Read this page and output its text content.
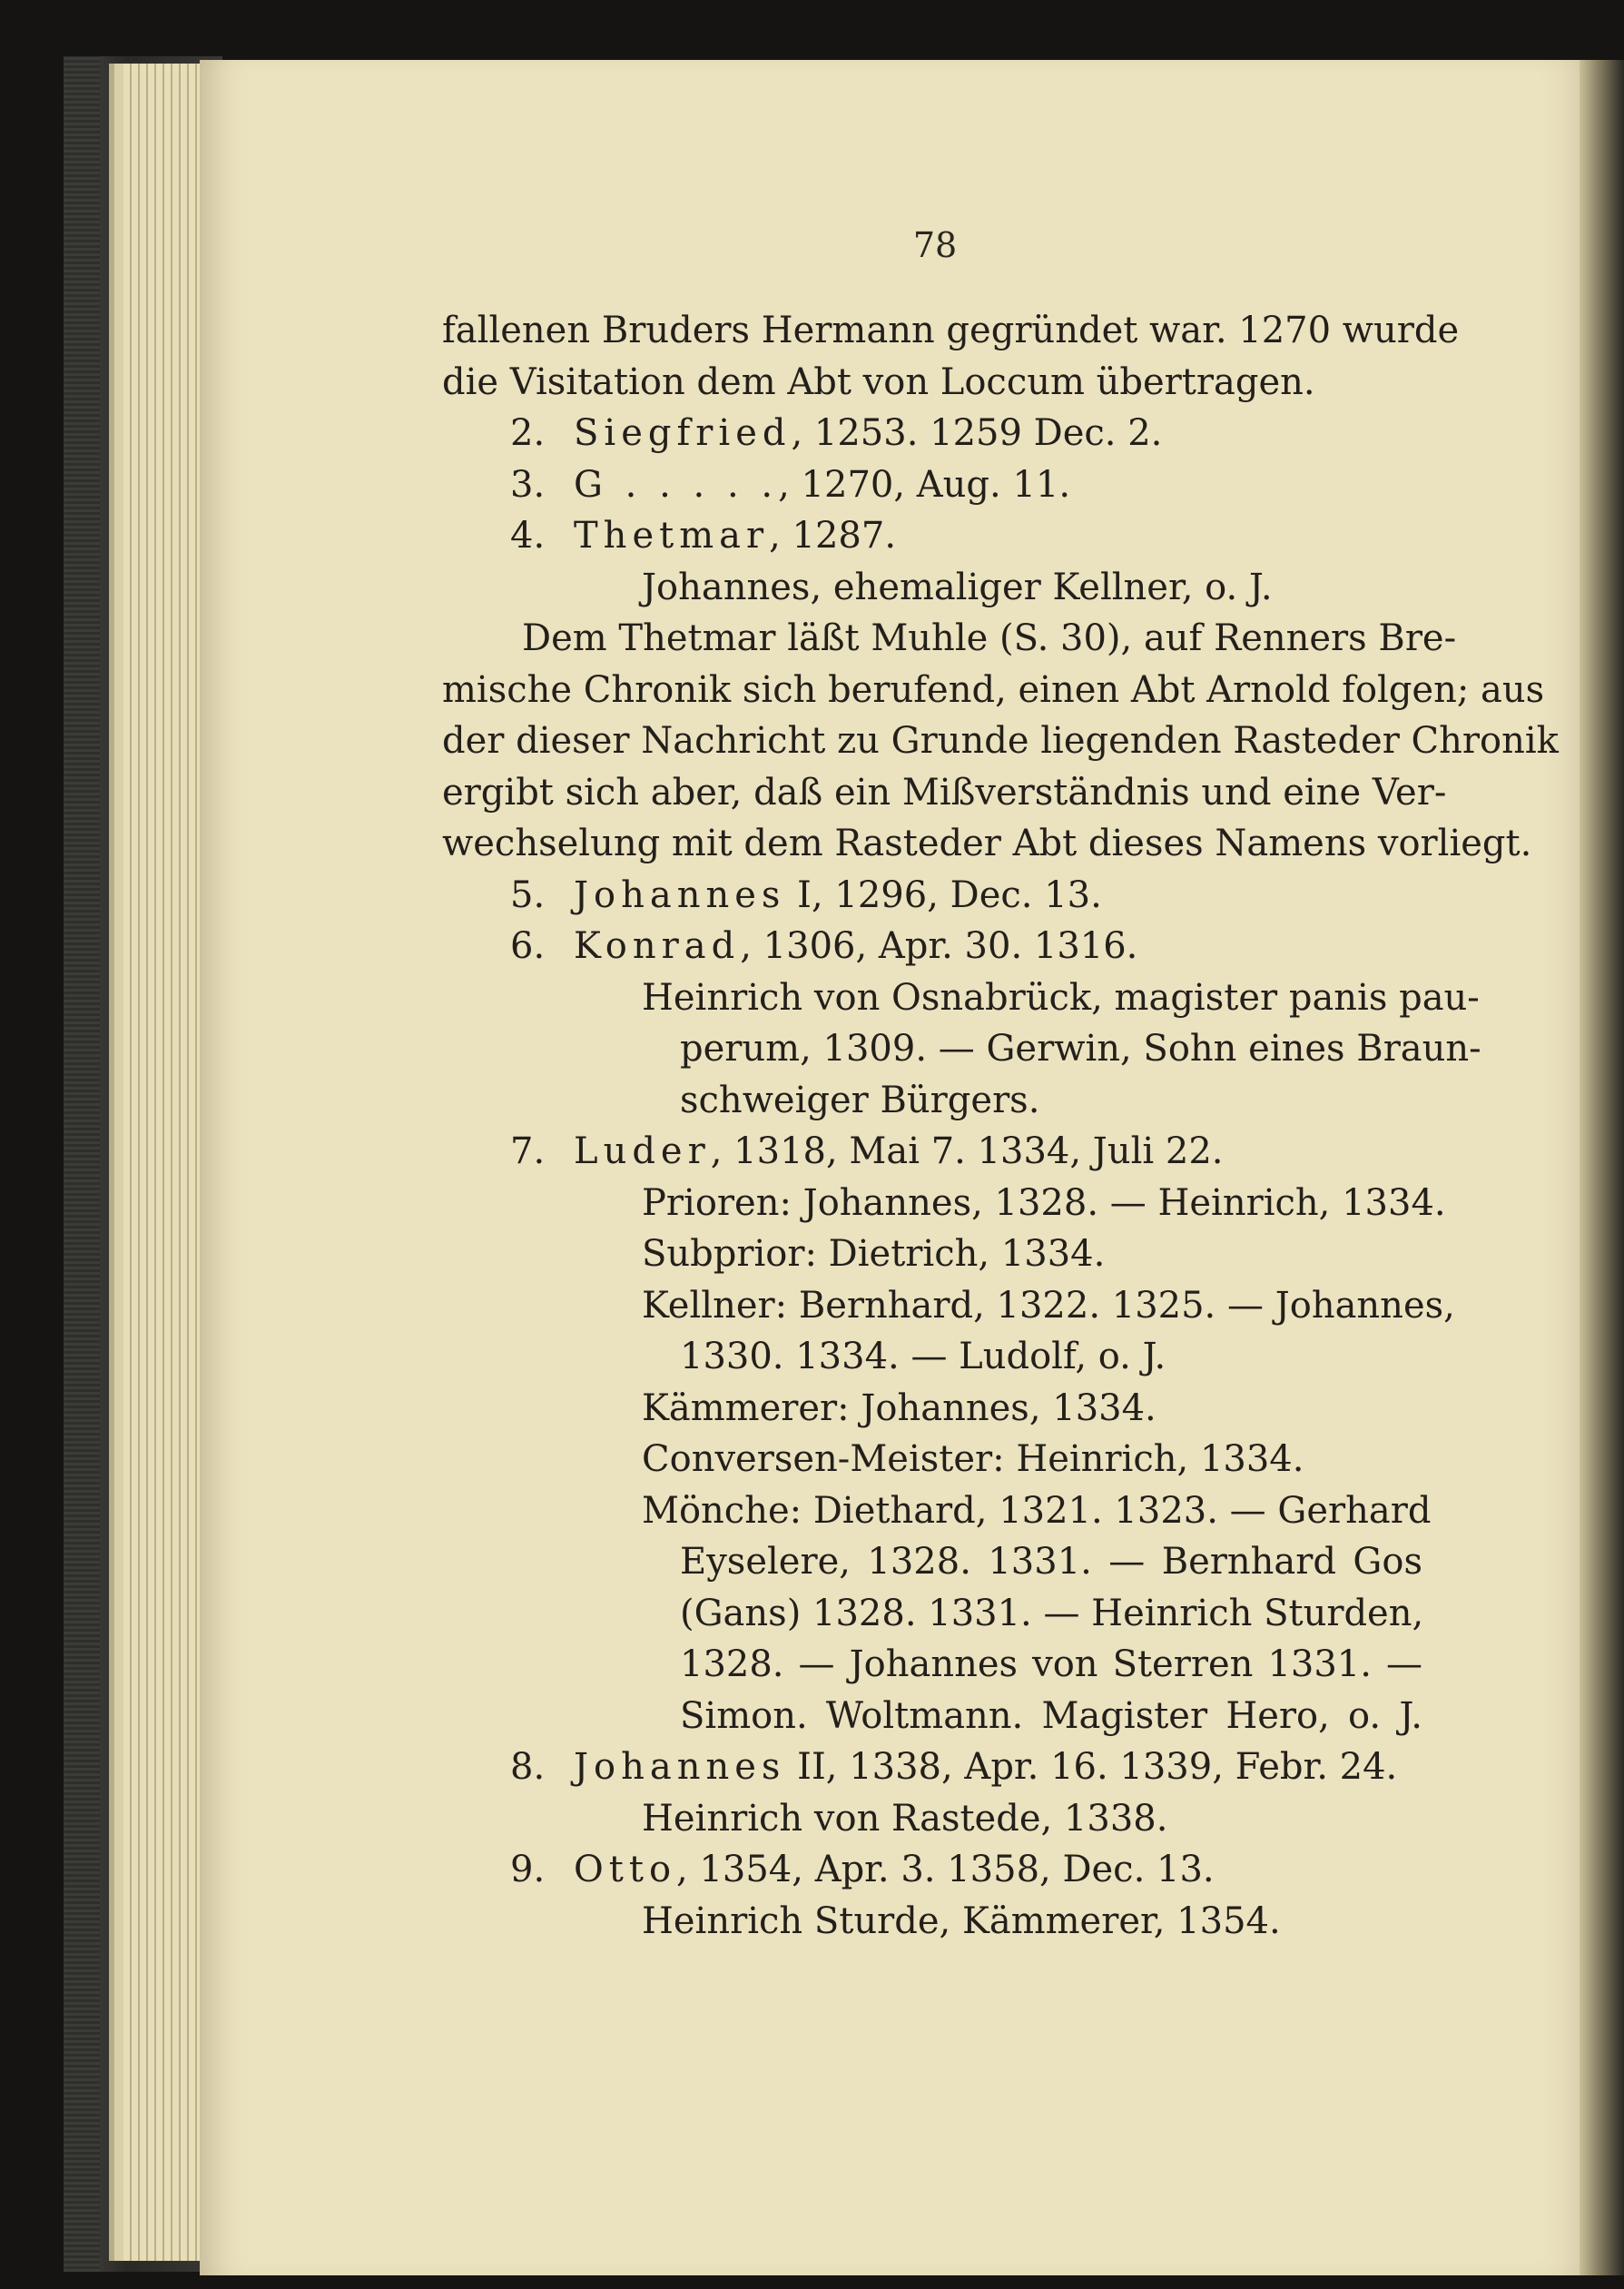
78
fallenen Bruders Hermann gegründet war. 1270 wurde
die Visitation dem Abt von Loccum übertragen.
2. Siegfried, 1253. 1259 Dec. 2.
3. G . . . . ., 1270, Aug. 11.
4. Thetmar, 1287.
Johannes, ehemaliger Kellner, o. J.
Dem Thetmar läßt Muhle (S. 30), auf Renners Bre-
mische Chronik sich berufend, einen Abt Arnold folgen; aus
der dieser Nachricht zu Grunde liegenden Rasteder Chronik
ergibt sich aber, daß ein Mißverständnis und eine Ver-
wechselung mit dem Rasteder Abt dieses Namens vorliegt.
5. Johannes I, 1296, Dec. 13.
6. Konrad, 1306, Apr. 30. 1316.
Heinrich von Osnabrück, magister panis pau-
perum, 1309. — Gerwin, Sohn eines Braun-
schweiger Bürgers.
7. Luder, 1318, Mai 7. 1334, Juli 22.
Prioren: Johannes, 1328. — Heinrich, 1334.
Subprior: Dietrich, 1334.
Kellner: Bernhard, 1322. 1325. — Johannes,
1330. 1334. — Ludolf, o. J.
Kämmerer: Johannes, 1334.
Conversen-Meister: Heinrich, 1334.
Mönche: Diethard, 1321. 1323. — Gerhard
Eyselere, 1328. 1331. — Bernhard Gos
(Gans) 1328. 1331. — Heinrich Sturden,
1328. — Johannes von Sterren 1331. —
Simon. Woltmann. Magister Hero, o. J.
8. Johannes II, 1338, Apr. 16. 1339, Febr. 24.
Heinrich von Rastede, 1338.
9. Otto, 1354, Apr. 3. 1358, Dec. 13.
Heinrich Sturde, Kämmerer, 1354.
